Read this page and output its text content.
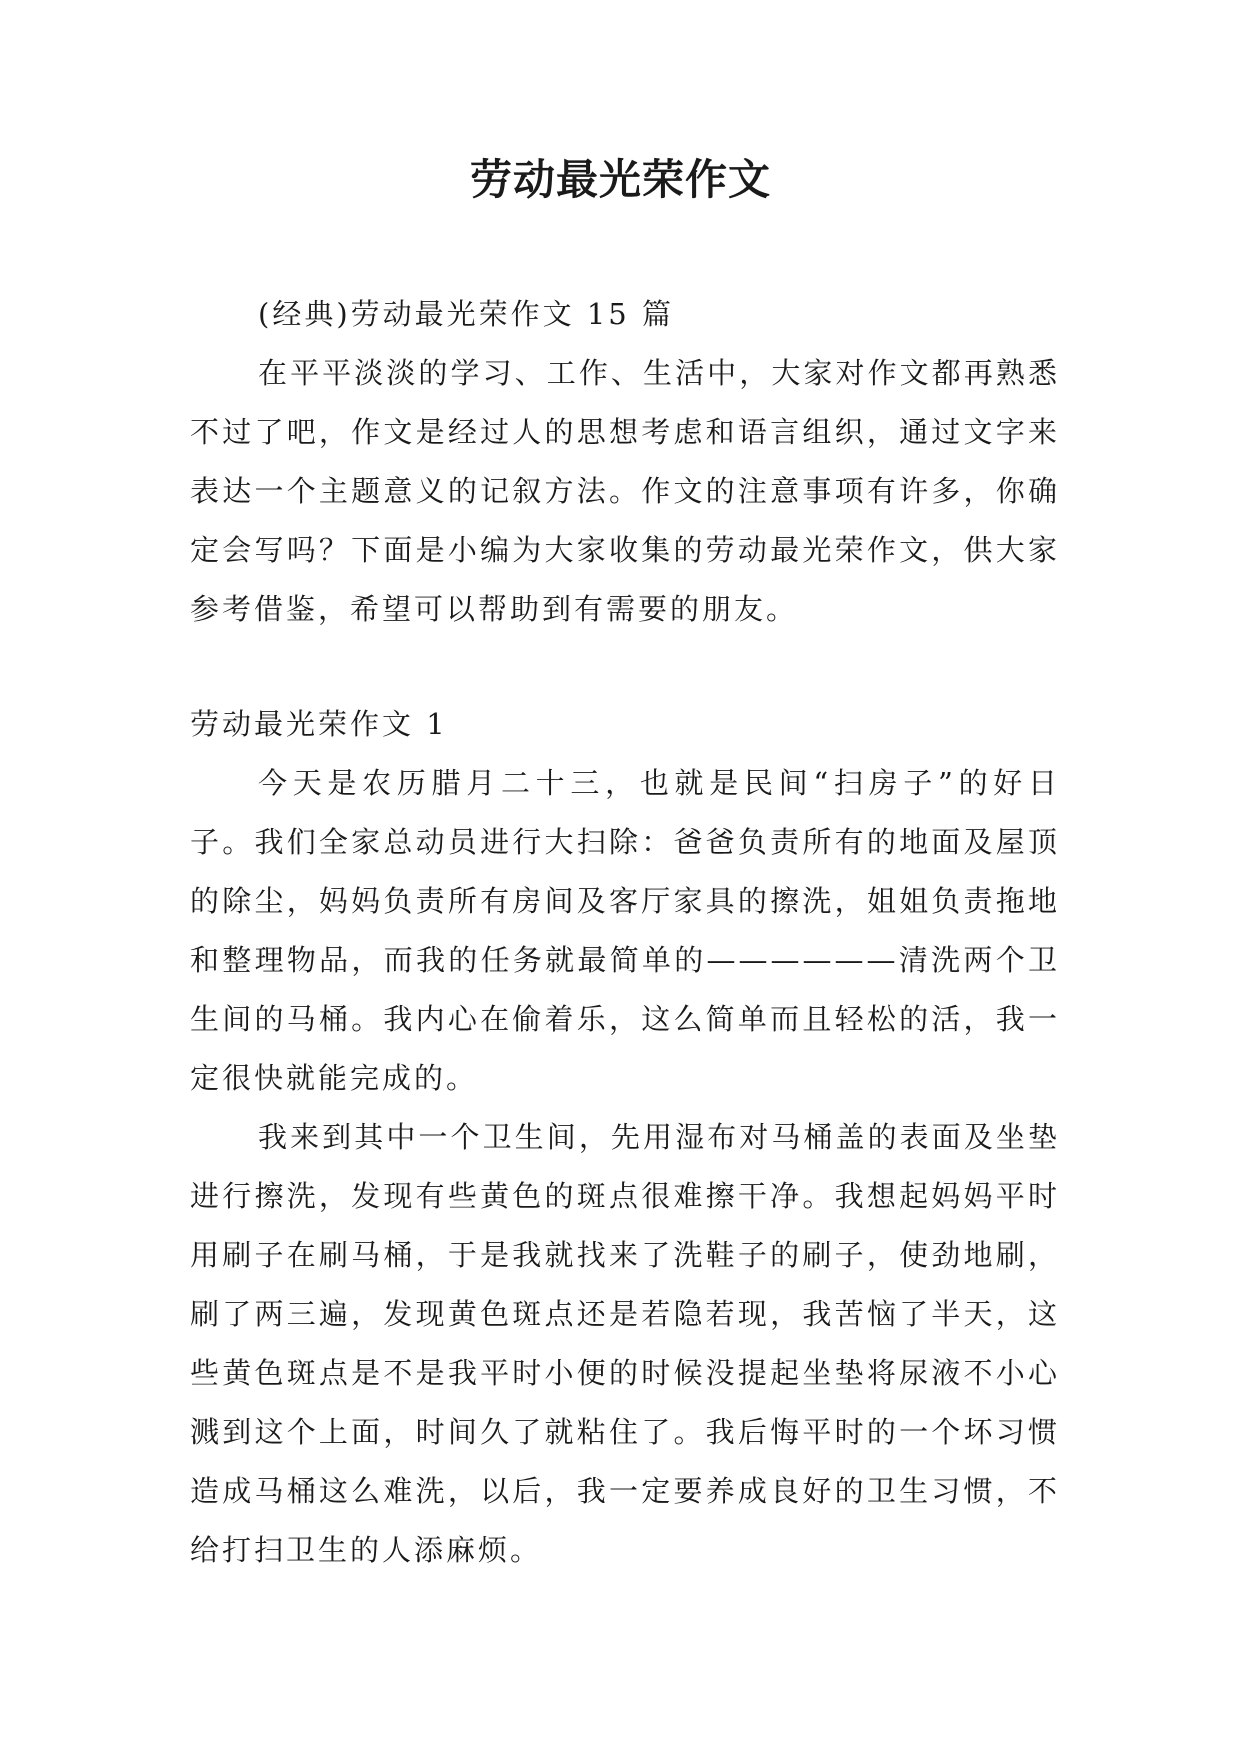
劳动最光荣作文

(经典)劳动最光荣作文 15 篇

在平平淡淡的学习、工作、生活中，大家对作文都再熟悉不过了吧，作文是经过人的思想考虑和语言组织，通过文字来表达一个主题意义的记叙方法。作文的注意事项有许多，你确定会写吗？下面是小编为大家收集的劳动最光荣作文，供大家参考借鉴，希望可以帮助到有需要的朋友。

劳动最光荣作文 1

今天是农历腊月二十三，也就是民间“扫房子”的好日子。我们全家总动员进行大扫除：爸爸负责所有的地面及屋顶的除尘，妈妈负责所有房间及客厅家具的擦洗，姐姐负责拖地和整理物品，而我的任务就最简单的——————清洗两个卫生间的马桶。我内心在偷着乐，这么简单而且轻松的活，我一定很快就能完成的。

我来到其中一个卫生间，先用湿布对马桶盖的表面及坐垫进行擦洗，发现有些黄色的斑点很难擦干净。我想起妈妈平时用刷子在刷马桶，于是我就找来了洗鞋子的刷子，使劲地刷，刷了两三遍，发现黄色斑点还是若隐若现，我苦恼了半天，这些黄色斑点是不是我平时小便的时候没提起坐垫将尿液不小心溅到这个上面，时间久了就粘住了。我后悔平时的一个坏习惯造成马桶这么难洗，以后，我一定要养成良好的卫生习惯，不给打扫卫生的人添麻烦。
